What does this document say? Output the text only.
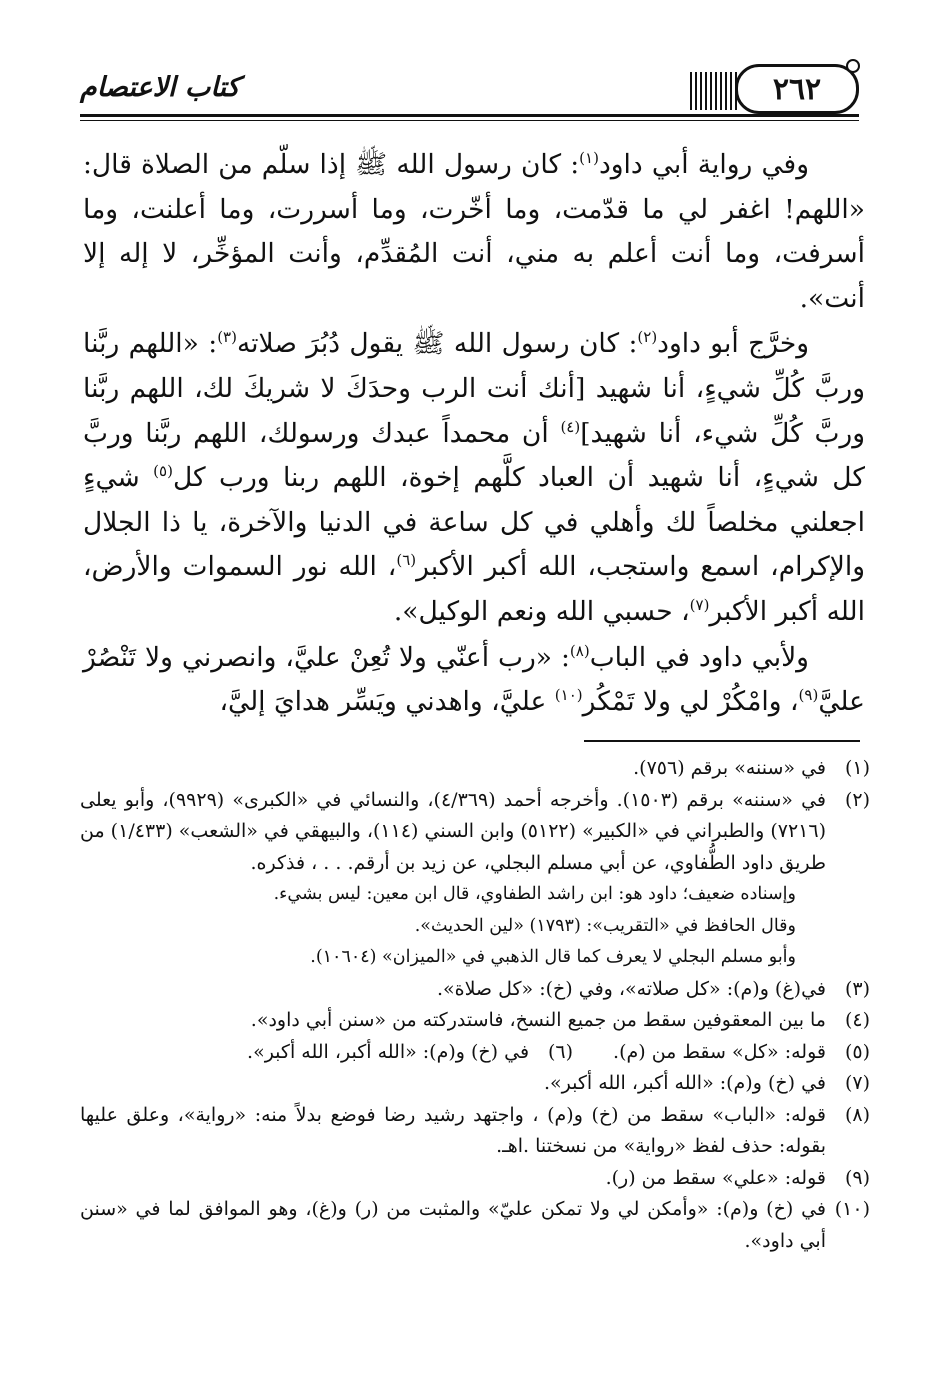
٢٦٢
كتاب الاعتصام

وفي رواية أبي داود$^{(١)}$: كان رسول الله ﷺ إذا سلّم من الصلاة قال: «اللهم! اغفر لي ما قدّمت، وما أخّرت، وما أسررت، وما أعلنت، وما أسرفت، وما أنت أعلم به مني، أنت المُقدِّم، وأنت المؤخِّر، لا إله إلا أنت».

وخرَّج أبو داود$^{(٢)}$: كان رسول الله ﷺ يقول دُبُرَ صلاته$^{(٣)}$: «اللهم ربَّنا وربَّ كُلِّ شيءٍ، أنا شهيد [أنك أنت الرب وحدَكَ لا شريكَ لك، اللهم ربَّنا وربَّ كُلِّ شيء، أنا شهيد]$^{(٤)}$ أن محمداً عبدك ورسولك، اللهم ربَّنا وربَّ كل شيءٍ، أنا شهيد أن العباد كلَّهم إخوة، اللهم ربنا ورب كل$^{(٥)}$ شيءٍ اجعلني مخلصاً لك وأهلي في كل ساعة في الدنيا والآخرة، يا ذا الجلال والإكرام، اسمع واستجب، الله أكبر الأكبر$^{(٦)}$، الله نور السموات والأرض، الله أكبر الأكبر$^{(٧)}$، حسبي الله ونعم الوكيل».

ولأبي داود في الباب$^{(٨)}$: «رب أعنّي ولا تُعِنْ عليَّ، وانصرني ولا تَنْصُرْ عليَّ$^{(٩)}$، وامْكُرْ لي ولا تَمْكُر$^{(١٠)}$ عليَّ، واهدني ويَسِّر هدايَ إليَّ،

(١)
في «سننه» برقم (٧٥٦).
(٢)
في «سننه» برقم (١٥٠٣). وأخرجه أحمد (٤/٣٦٩)، والنسائي في «الكبرى» (٩٩٢٩)، وأبو يعلى (٧٢١٦) والطبراني في «الكبير» (٥١٢٢) وابن السني (١١٤)، والبيهقي في «الشعب» (١/٤٣٣) من طريق داود الطُّفاوي، عن أبي مسلم البجلي، عن زيد بن أرقم. . . ، فذكره.
وإسناده ضعيف؛ داود هو: ابن راشد الطفاوي، قال ابن معين: ليس بشيء.
وقال الحافظ في «التقريب»: (١٧٩٣) «لين الحديث».
وأبو مسلم البجلي لا يعرف كما قال الذهبي في «الميزان» (١٠٦٠٤).
(٣)
في(غ) و(م): «كل صلاته»، وفي (خ): «كل صلاة».
(٤)
ما بين المعقوفين سقط من جميع النسخ، فاستدركته من «سنن أبي داود».
(٥)
قوله: «كل» سقط من (م).
(٦)
في (خ) و(م): «الله أكبر، الله أكبر».
(٧)
في (خ) و(م): «الله أكبر، الله أكبر».
(٨)
قوله: «الباب» سقط من (خ) و(م) ، واجتهد رشيد رضا فوضع بدلاً منه: «رواية»، وعلق عليها بقوله: حذف لفظ «رواية» من نسختنا .اهـ.
(٩)
قوله: «علي» سقط من (ر).
(١٠)
في (خ) و(م): «وأمكن لي ولا تمكن عليّ» والمثبت من (ر) و(غ)، وهو الموافق لما في «سنن أبي داود».
